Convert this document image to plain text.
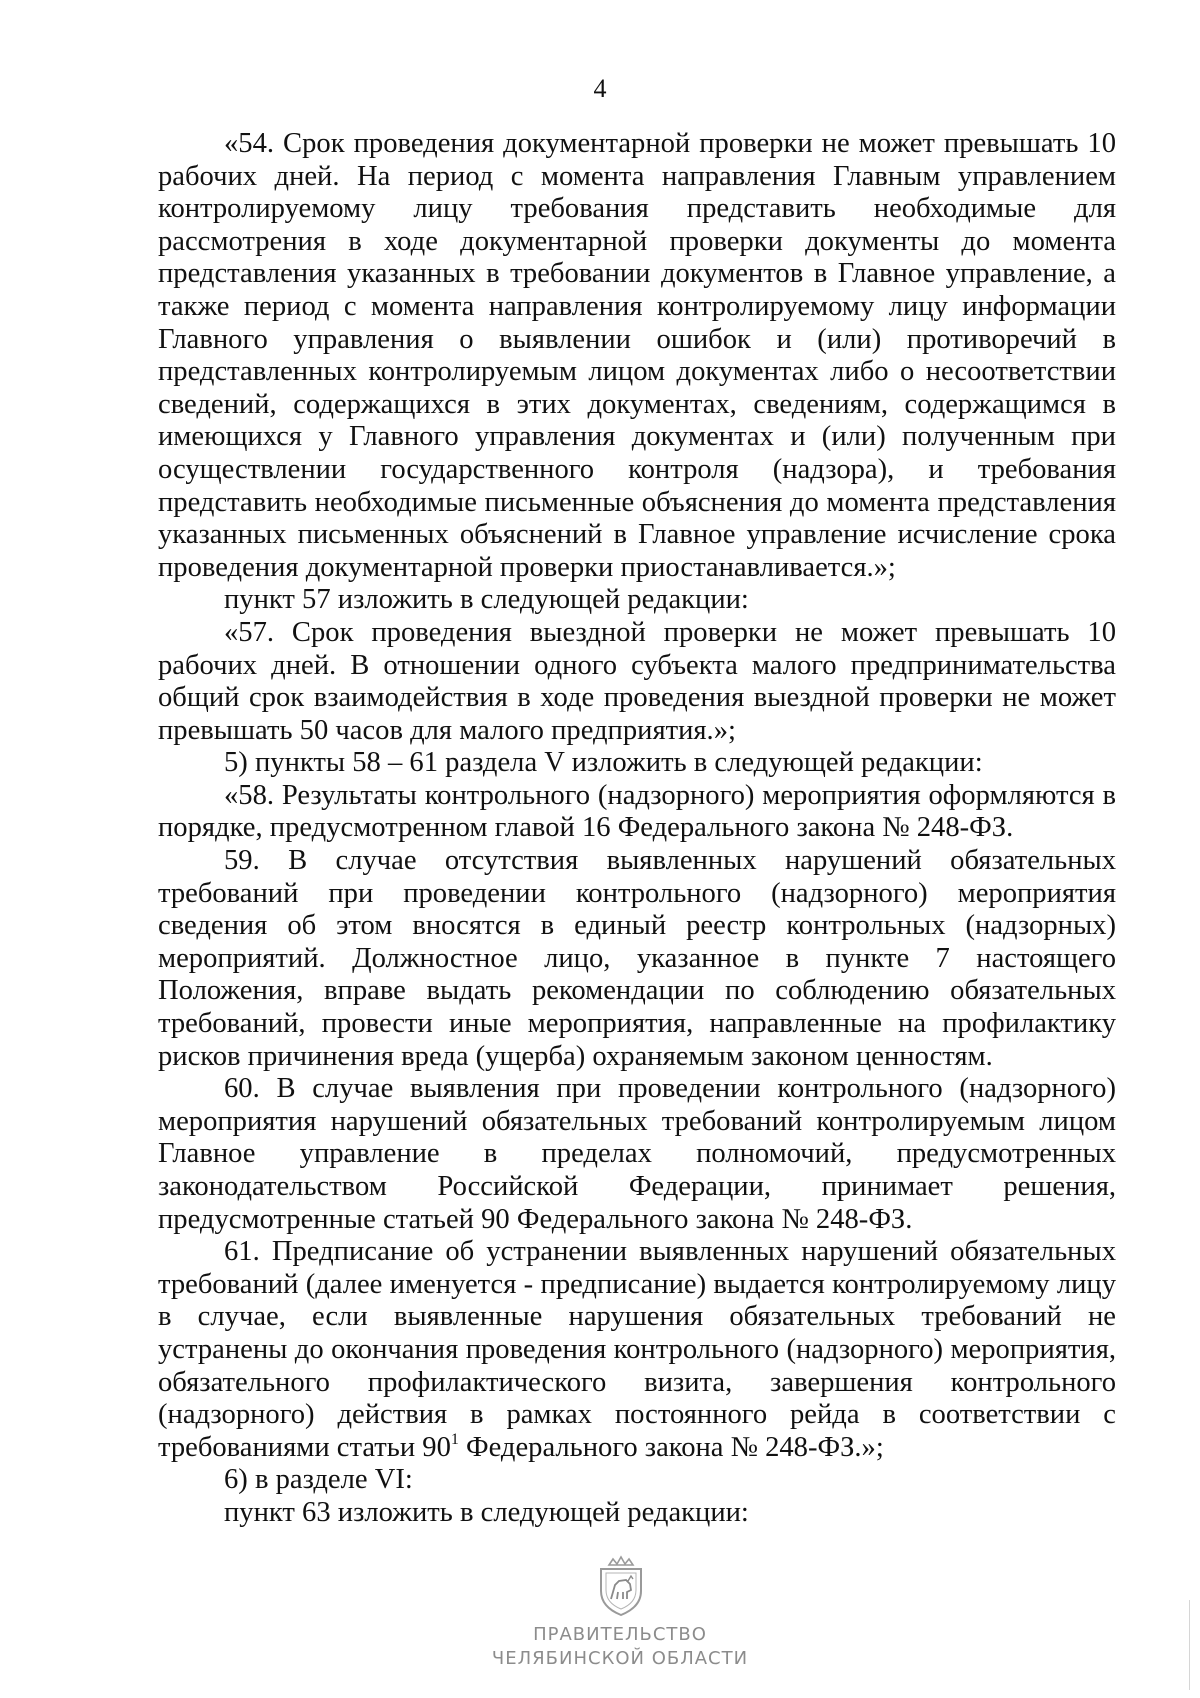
4

«54. Срок проведения документарной проверки не может превышать 10 рабочих дней. На период с момента направления Главным управлением контролируемому лицу требования представить необходимые для рассмотрения в ходе документарной проверки документы до момента представления указанных в требовании документов в Главное управление, а также период с момента направления контролируемому лицу информации Главного управления о выявлении ошибок и (или) противоречий в представленных контролируемым лицом документах либо о несоответствии сведений, содержащихся в этих документах, сведениям, содержащимся в имеющихся у Главного управления документах и (или) полученным при осуществлении государственного контроля (надзора), и требования представить необходимые письменные объяснения до момента представления указанных письменных объяснений в Главное управление исчисление срока проведения документарной проверки приостанавливается.»;

пункт 57 изложить в следующей редакции:

«57. Срок проведения выездной проверки не может превышать 10 рабочих дней. В отношении одного субъекта малого предпринимательства общий срок взаимодействия в ходе проведения выездной проверки не может превышать 50 часов для малого предприятия.»;

5) пункты 58 – 61 раздела V изложить в следующей редакции:

«58. Результаты контрольного (надзорного) мероприятия оформляются в порядке, предусмотренном главой 16 Федерального закона № 248-ФЗ.

59. В случае отсутствия выявленных нарушений обязательных требований при проведении контрольного (надзорного) мероприятия сведения об этом вносятся в единый реестр контрольных (надзорных) мероприятий. Должностное лицо, указанное в пункте 7 настоящего Положения, вправе выдать рекомендации по соблюдению обязательных требований, провести иные мероприятия, направленные на профилактику рисков причинения вреда (ущерба) охраняемым законом ценностям.

60. В случае выявления при проведении контрольного (надзорного) мероприятия нарушений обязательных требований контролируемым лицом Главное управление в пределах полномочий, предусмотренных законодательством Российской Федерации, принимает решения, предусмотренные статьей 90 Федерального закона № 248-ФЗ.

61. Предписание об устранении выявленных нарушений обязательных требований (далее именуется - предписание) выдается контролируемому лицу в случае, если выявленные нарушения обязательных требований не устранены до окончания проведения контрольного (надзорного) мероприятия, обязательного профилактического визита, завершения контрольного (надзорного) действия в рамках постоянного рейда в соответствии с требованиями статьи $90^1$ Федерального закона № 248-ФЗ.»;

6) в разделе VI:

пункт 63 изложить в следующей редакции:

ПРАВИТЕЛЬСТВО
ЧЕЛЯБИНСКОЙ ОБЛАСТИ
